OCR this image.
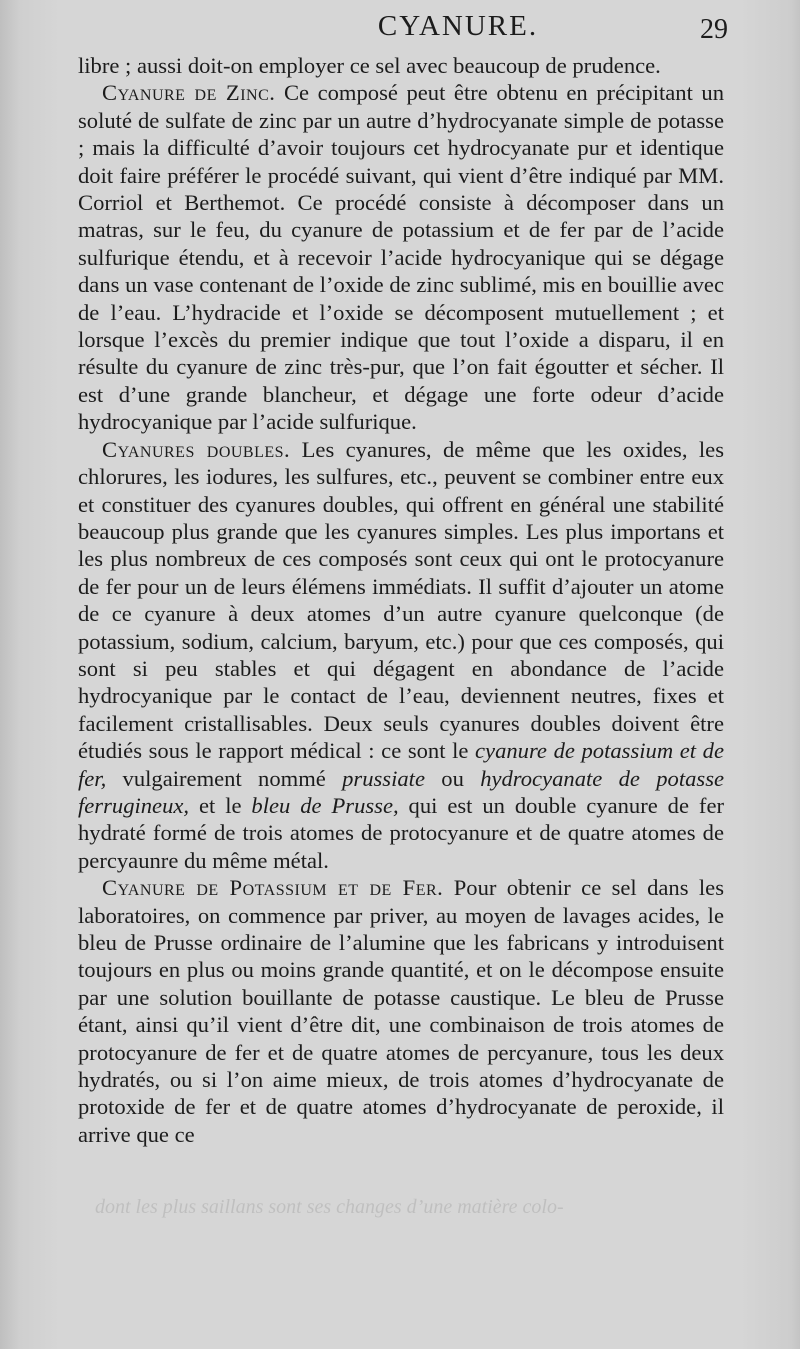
CYANURE.	29

libre ; aussi doit-on employer ce sel avec beaucoup de prudence.

Cyanure de Zinc. Ce composé peut être obtenu en précipitant un soluté de sulfate de zinc par un autre d’hydrocyanate simple de potasse ; mais la difficulté d’avoir toujours cet hydrocyanate pur et identique doit faire préférer le procédé suivant, qui vient d’être indiqué par MM. Corriol et Berthemot. Ce procédé consiste à décomposer dans un matras, sur le feu, du cyanure de potassium et de fer par de l’acide sulfurique étendu, et à recevoir l’acide hydrocyanique qui se dégage dans un vase contenant de l’oxide de zinc sublimé, mis en bouillie avec de l’eau. L’hydracide et l’oxide se décomposent mutuellement ; et lorsque l’excès du premier indique que tout l’oxide a disparu, il en résulte du cyanure de zinc très-pur, que l’on fait égoutter et sécher. Il est d’une grande blancheur, et dégage une forte odeur d’acide hydrocyanique par l’acide sulfurique.

Cyanures doubles. Les cyanures, de même que les oxides, les chlorures, les iodures, les sulfures, etc., peuvent se combiner entre eux et constituer des cyanures doubles, qui offrent en général une stabilité beaucoup plus grande que les cyanures simples. Les plus importans et les plus nombreux de ces composés sont ceux qui ont le protocyanure de fer pour un de leurs élémens immédiats. Il suffit d’ajouter un atome de ce cyanure à deux atomes d’un autre cyanure quelconque (de potassium, sodium, calcium, baryum, etc.) pour que ces composés, qui sont si peu stables et qui dégagent en abondance de l’acide hydrocyanique par le contact de l’eau, deviennent neutres, fixes et facilement cristallisables. Deux seuls cyanures doubles doivent être étudiés sous le rapport médical : ce sont le cyanure de potassium et de fer, vulgairement nommé prussiate ou hydrocyanate de potasse ferrugineux, et le bleu de Prusse, qui est un double cyanure de fer hydraté formé de trois atomes de protocyanure et de quatre atomes de percyaunre du même métal.

Cyanure de Potassium et de Fer. Pour obtenir ce sel dans les laboratoires, on commence par priver, au moyen de lavages acides, le bleu de Prusse ordinaire de l’alumine que les fabricans y introduisent toujours en plus ou moins grande quantité, et on le décompose ensuite par une solution bouillante de potasse caustique. Le bleu de Prusse étant, ainsi qu’il vient d’être dit, une combinaison de trois atomes de protocyanure de fer et de quatre atomes de percyanure, tous les deux hydratés, ou si l’on aime mieux, de trois atomes d’hydrocyanate de protoxide de fer et de quatre atomes d’hydrocyanate de peroxide, il arrive que ce

dont les plus saillans sont ses changes d’une matière colo-
